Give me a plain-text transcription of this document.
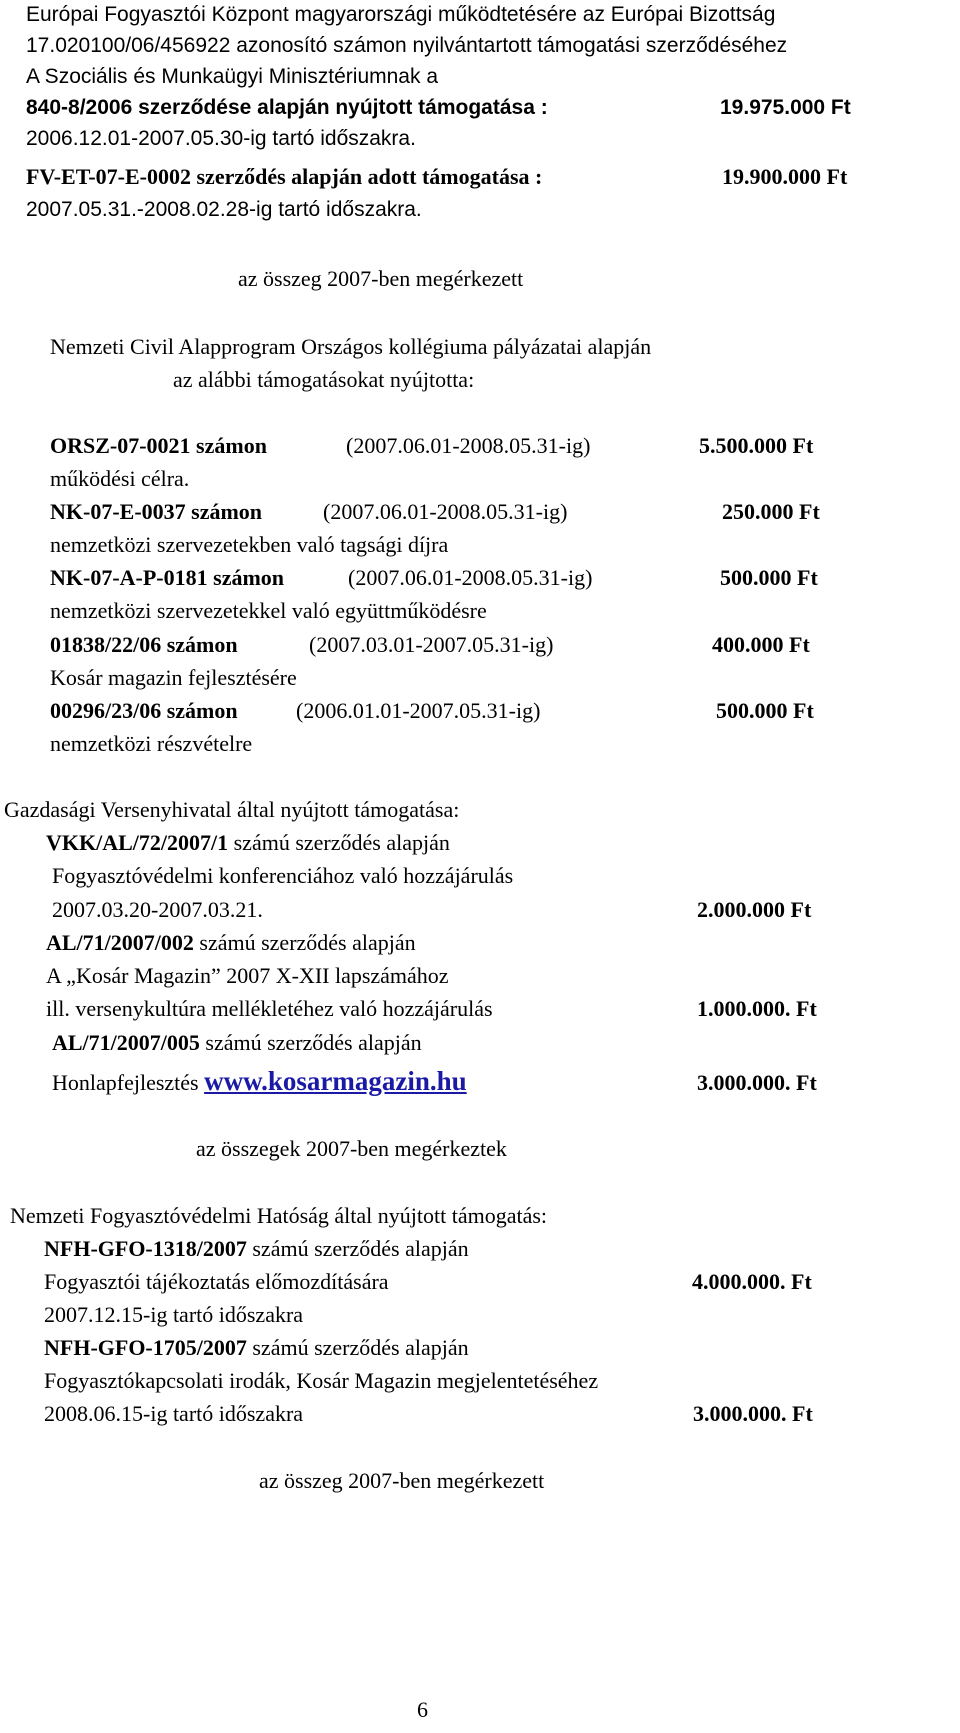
Európai Fogyasztói Központ magyarországi működtetésére az Európai Bizottság
17.020100/06/456922 azonosító számon nyilvántartott támogatási szerződéséhez
A Szociális és Munkaügyi Minisztériumnak a
840-8/2006 szerződése alapján nyújtott támogatása :	19.975.000 Ft
2006.12.01-2007.05.30-ig tartó időszakra.
FV-ET-07-E-0002 szerződés alapján adott támogatása :	19.900.000 Ft
2007.05.31.-2008.02.28-ig tartó időszakra.
az összeg 2007-ben megérkezett
Nemzeti Civil Alapprogram Országos kollégiuma pályázatai alapján
az alábbi támogatásokat nyújtotta:
ORSZ-07-0021 számon	(2007.06.01-2008.05.31-ig)	5.500.000 Ft
működési célra.
NK-07-E-0037 számon	(2007.06.01-2008.05.31-ig)	250.000 Ft
nemzetközi szervezetekben való tagsági díjra
NK-07-A-P-0181 számon	(2007.06.01-2008.05.31-ig)	500.000 Ft
nemzetközi szervezetekkel való együttműködésre
01838/22/06 számon	(2007.03.01-2007.05.31-ig)	400.000 Ft
Kosár magazin fejlesztésére
00296/23/06 számon	(2006.01.01-2007.05.31-ig)	500.000 Ft
nemzetközi részvételre
Gazdasági Versenyhivatal által nyújtott támogatása:
VKK/AL/72/2007/1 számú szerződés alapján
Fogyasztóvédelmi konferenciához való hozzájárulás
2007.03.20-2007.03.21.	2.000.000 Ft
AL/71/2007/002 számú szerződés alapján
A „Kosár Magazin” 2007 X-XII lapszámához
ill. versenykultúra mellékletéhez való hozzájárulás	1.000.000. Ft
AL/71/2007/005 számú szerződés alapján
Honlapfejlesztés www.kosarmagazin.hu	3.000.000. Ft
az összegek 2007-ben megérkeztek
Nemzeti Fogyasztóvédelmi Hatóság által nyújtott támogatás:
NFH-GFO-1318/2007 számú szerződés alapján
Fogyasztói tájékoztatás előmozdítására	4.000.000. Ft
2007.12.15-ig tartó időszakra
NFH-GFO-1705/2007 számú szerződés alapján
Fogyasztókapcsolati irodák, Kosár Magazin megjelentetéséhez
2008.06.15-ig tartó időszakra	3.000.000. Ft
az összeg 2007-ben megérkezett
6
